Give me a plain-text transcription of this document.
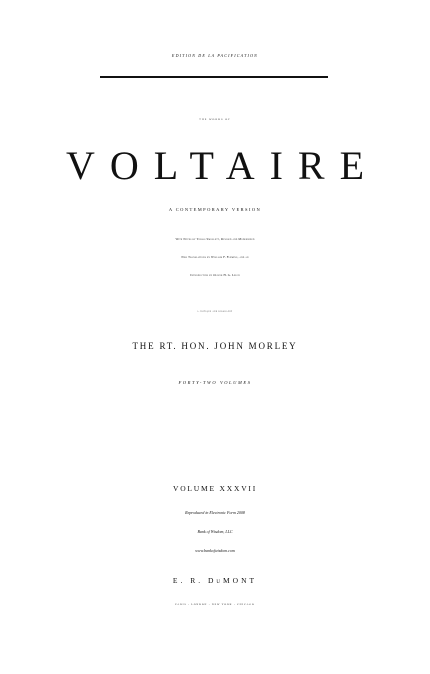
EDITION DE LA PACIFICATION
THE WORKS OF
VOLTAIRE
A CONTEMPORARY VERSION
With Notes by Tobias Smollett, Revised and Modernized
New Translations by William F. Fleming, and an
Introduction by Oliver H. G. Leigh
A CRITIQUE AND BIOGRAPHY
THE RT. HON. JOHN MORLEY
FORTY-TWO VOLUMES
VOLUME XXXVII
Reproduced in Electronic Form 2008
Bank of Wisdom, LLC
www.bankofwisdom.com
E. R. DuMONT
PARIS : LONDON : NEW YORK : CHICAGO
